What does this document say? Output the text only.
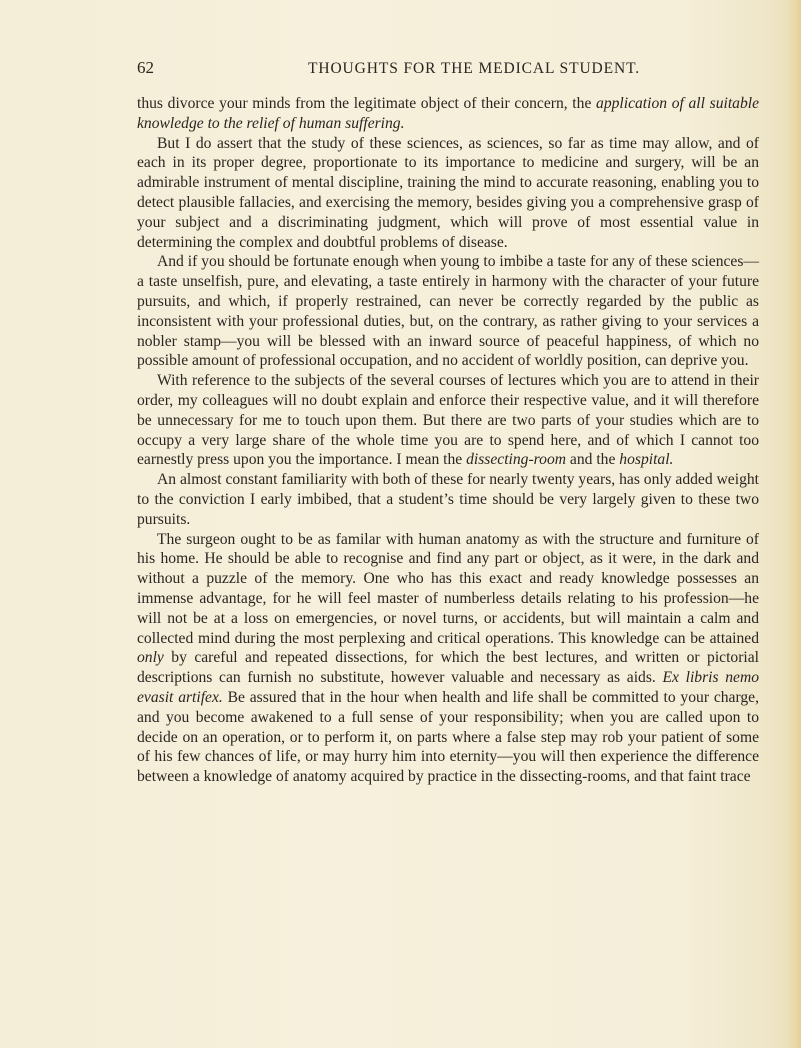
62	THOUGHTS FOR THE MEDICAL STUDENT.

thus divorce your minds from the legitimate object of their concern, the application of all suitable knowledge to the relief of human suffering.

But I do assert that the study of these sciences, as sciences, so far as time may allow, and of each in its proper degree, proportionate to its importance to medicine and surgery, will be an admirable instrument of mental discipline, training the mind to accurate reasoning, enabling you to detect plausible fallacies, and exercising the memory, besides giving you a comprehensive grasp of your subject and a discriminating judgment, which will prove of most essential value in determining the complex and doubtful problems of disease.

And if you should be fortunate enough when young to imbibe a taste for any of these sciences—a taste unselfish, pure, and elevating, a taste entirely in harmony with the character of your future pursuits, and which, if properly restrained, can never be correctly regarded by the public as inconsistent with your professional duties, but, on the contrary, as rather giving to your services a nobler stamp—you will be blessed with an inward source of peaceful happiness, of which no possible amount of professional occupation, and no accident of worldly position, can deprive you.

With reference to the subjects of the several courses of lectures which you are to attend in their order, my colleagues will no doubt explain and enforce their respective value, and it will therefore be unnecessary for me to touch upon them. But there are two parts of your studies which are to occupy a very large share of the whole time you are to spend here, and of which I cannot too earnestly press upon you the importance. I mean the dissecting-room and the hospital.

An almost constant familiarity with both of these for nearly twenty years, has only added weight to the conviction I early imbibed, that a student’s time should be very largely given to these two pursuits.

The surgeon ought to be as familar with human anatomy as with the structure and furniture of his home. He should be able to recognise and find any part or object, as it were, in the dark and without a puzzle of the memory. One who has this exact and ready knowledge possesses an immense advantage, for he will feel master of numberless details relating to his profession—he will not be at a loss on emergencies, or novel turns, or accidents, but will maintain a calm and collected mind during the most perplexing and critical operations. This knowledge can be attained only by careful and repeated dissections, for which the best lectures, and written or pictorial descriptions can furnish no substitute, however valuable and necessary as aids. Ex libris nemo evasit artifex. Be assured that in the hour when health and life shall be committed to your charge, and you become awakened to a full sense of your responsibility; when you are called upon to decide on an operation, or to perform it, on parts where a false step may rob your patient of some of his few chances of life, or may hurry him into eternity—you will then experience the difference between a knowledge of anatomy acquired by practice in the dissecting-rooms, and that faint trace
